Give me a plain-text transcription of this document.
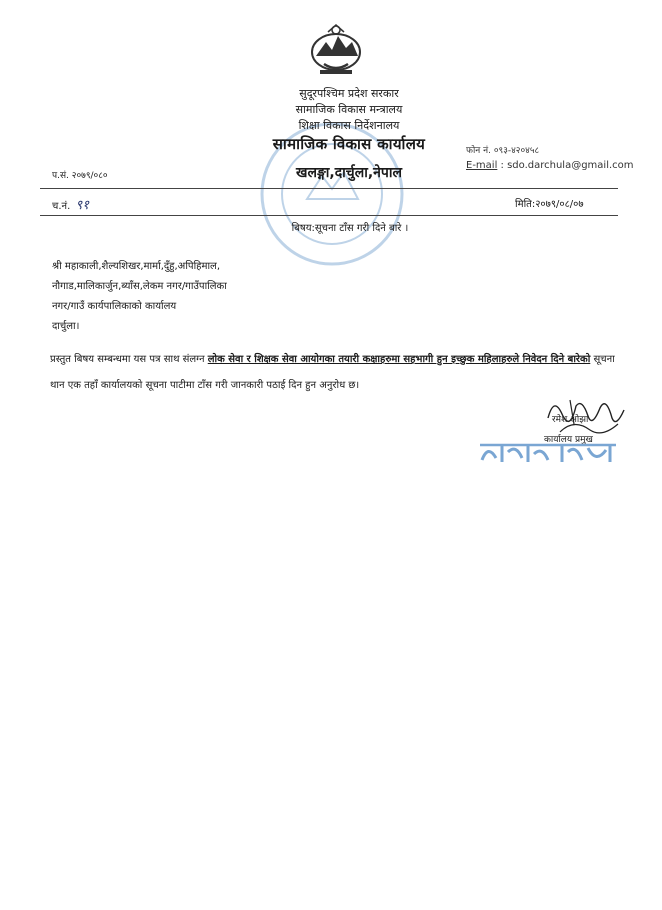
सुदूरपश्चिम प्रदेश सरकार
सामाजिक विकास मन्त्रालय
शिक्षा विकास निर्देशनालय
सामाजिक विकास कार्यालय
खलङ्गा,दार्चुला,नेपाल
फोन नं. ०९३-४२०४५८
E-mail : sdo.darchula@gmail.com
प.सं. २०७९/०८०
च.नं. ९१	मिति:२०७९/०८/०७
बिषय:सूचना टाँस गरी दिने बारे ।
श्री महाकाली,शैल्यशिखर,मार्मा,दुँहु,अपिहिमाल,
नौगाड,मालिकार्जुन,ब्याँस,लेकम नगर/गाउँपालिका
नगर/गाउँ कार्यपालिकाको कार्यालय
दार्चुला।
प्रस्तुत बिषय सम्बन्धमा यस पत्र साथ संलग्न लोक सेवा र शिक्षक सेवा आयोगका तयारी कक्षाहरुमा सहभागी हुन इच्छुक महिलाहरुले निवेदन दिने बारेको सूचना थान एक तहाँ कार्यालयको सूचना पाटीमा टाँस गरी जानकारी पठाई दिन हुन अनुरोध छ।
रमेश ओझा
कार्यालय प्रमुख
